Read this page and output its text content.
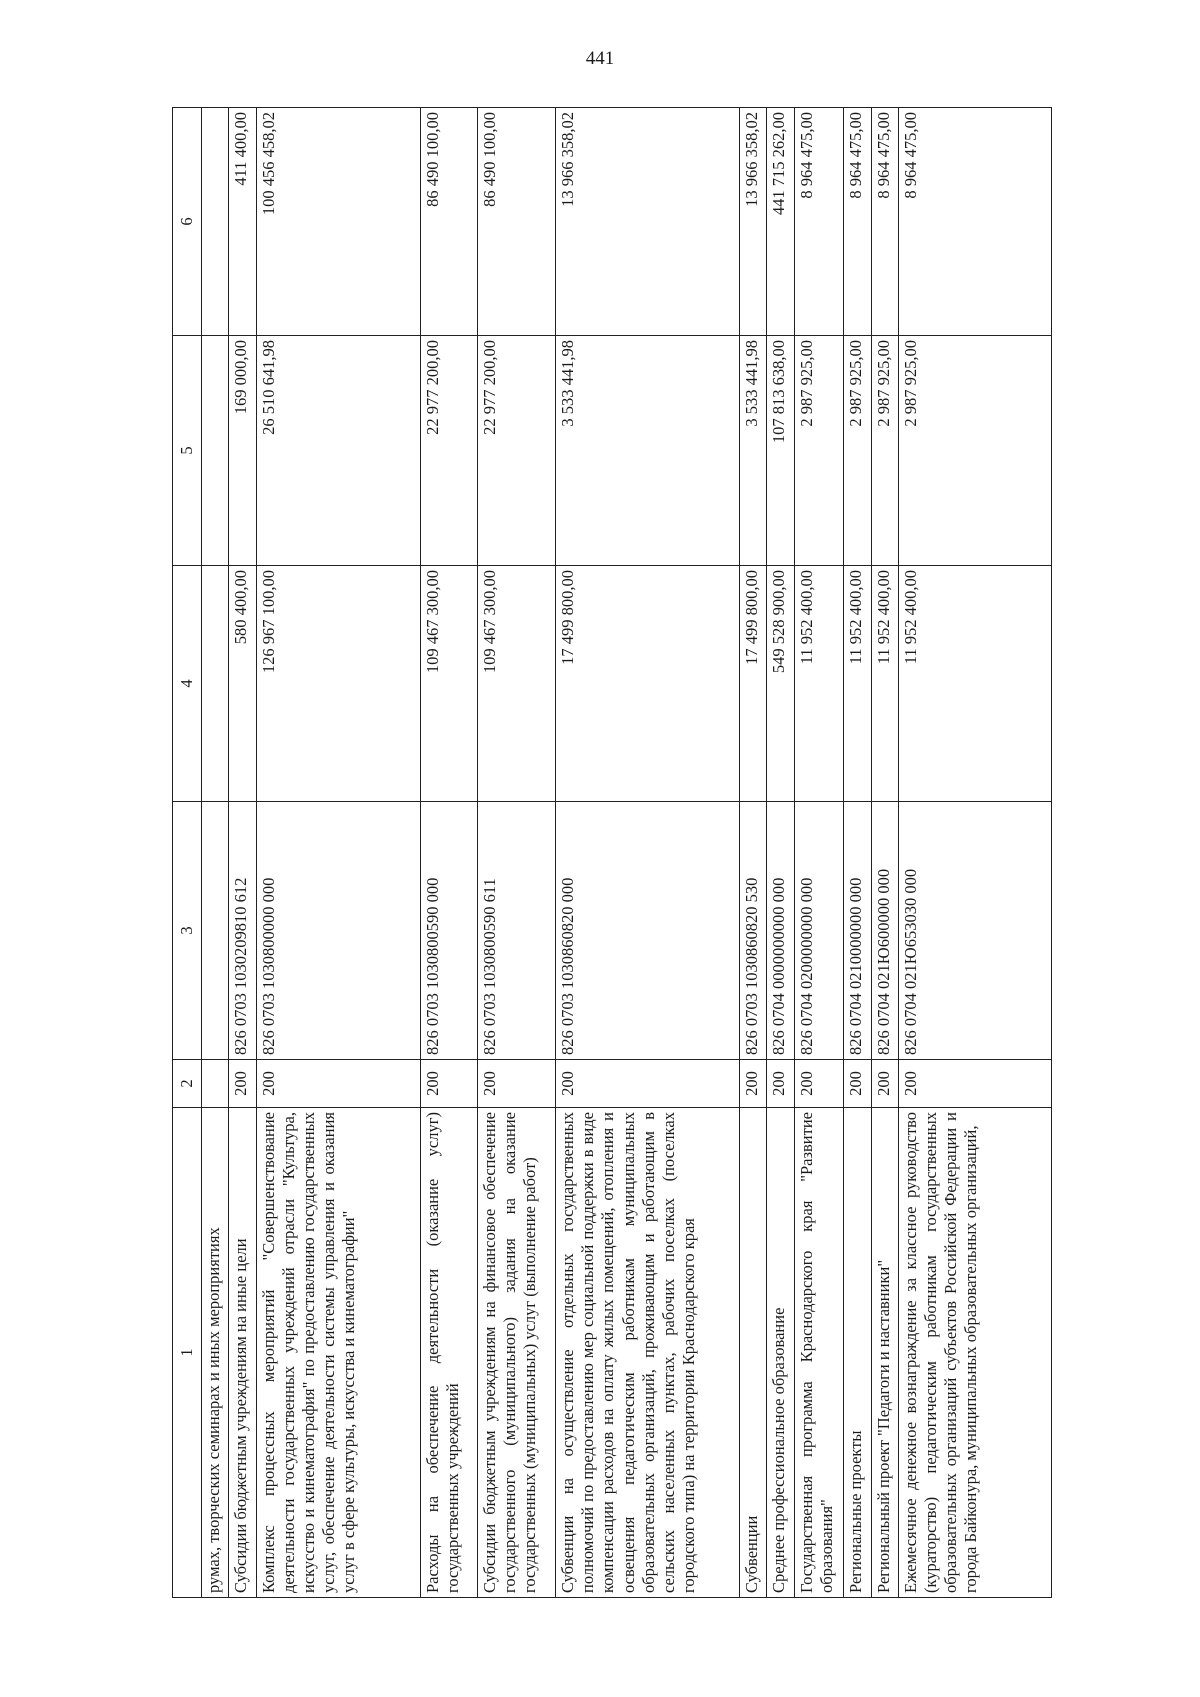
441
1	2	3	4	5	6
румах, творческих семинарах и иных мероприятиях					
Субсидии бюджетным учреждениям на иные цели	200	826 0703 1030209810 612	580 400,00	169 000,00	411 400,00
Комплекс процессных мероприятий "Совершенствование деятельности государственных учреждений отрасли "Культура, искусство и кинематография" по предоставлению государственных услуг, обеспечение деятельности системы управления и оказания услуг в сфере культуры, искусства и кинематографии"	200	826 0703 1030800000 000	126 967 100,00	26 510 641,98	100 456 458,02
Расходы на обеспечение деятельности (оказание услуг) государственных учреждений	200	826 0703 1030800590 000	109 467 300,00	22 977 200,00	86 490 100,00
Субсидии бюджетным учреждениям на финансовое обеспечение государственного (муниципального) задания на оказание государственных (муниципальных) услуг (выполнение работ)	200	826 0703 1030800590 611	109 467 300,00	22 977 200,00	86 490 100,00
Субвенции на осуществление отдельных государственных полномочий по предоставлению мер социальной поддержки в виде компенсации расходов на оплату жилых помещений, отопления и освещения педагогическим работникам муниципальных образовательных организаций, проживающим и работающим в сельских населенных пунктах, рабочих поселках (поселках городского типа) на территории Краснодарского края	200	826 0703 1030860820 000	17 499 800,00	3 533 441,98	13 966 358,02
Субвенции	200	826 0703 1030860820 530	17 499 800,00	3 533 441,98	13 966 358,02
Среднее профессиональное образование	200	826 0704 0000000000 000	549 528 900,00	107 813 638,00	441 715 262,00
Государственная программа Краснодарского края "Развитие образования"	200	826 0704 0200000000 000	11 952 400,00	2 987 925,00	8 964 475,00
Региональные проекты	200	826 0704 0210000000 000	11 952 400,00	2 987 925,00	8 964 475,00
Региональный проект "Педагоги и наставники"	200	826 0704 021Ю600000 000	11 952 400,00	2 987 925,00	8 964 475,00
Ежемесячное денежное вознаграждение за классное руководство (кураторство) педагогическим работникам государственных образовательных организаций субъектов Российской Федерации и города Байконура, муниципальных образовательных организаций,	200	826 0704 021Ю653030 000	11 952 400,00	2 987 925,00	8 964 475,00
